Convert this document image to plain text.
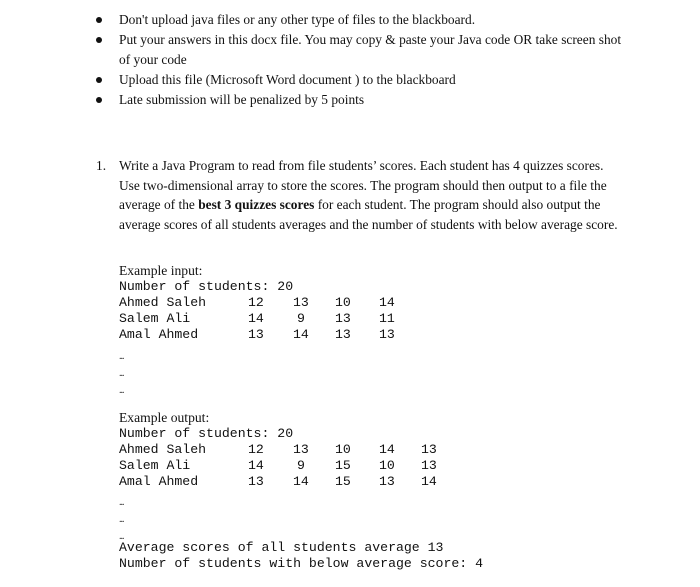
Don't upload java files or any other type of files to the blackboard.
Put your answers in this docx file. You may copy & paste your Java code OR take screen shot of your code
Upload this file (Microsoft Word document ) to the blackboard
Late submission will be penalized by 5 points
1. Write a Java Program to read from file students’ scores. Each student has 4 quizzes scores. Use two-dimensional array to store the scores. The program should then output to a file the average of the best 3 quizzes scores for each student. The program should also output the average scores of all students averages and the number of students with below average score.
Example input:
Number of students: 20
Ahmed Saleh	12 13 10 14
Salem Ali	14	9 13 11
Amal Ahmed	13 14 13 13
...
...
...
Example output:
Number of students: 20
Ahmed Saleh	12 13 10 14 13
Salem Ali	14	9 15 10 13
Amal Ahmed	13 14 15 13 14
...
...
...
Average scores of all students average 13
Number of students with below average score: 4
